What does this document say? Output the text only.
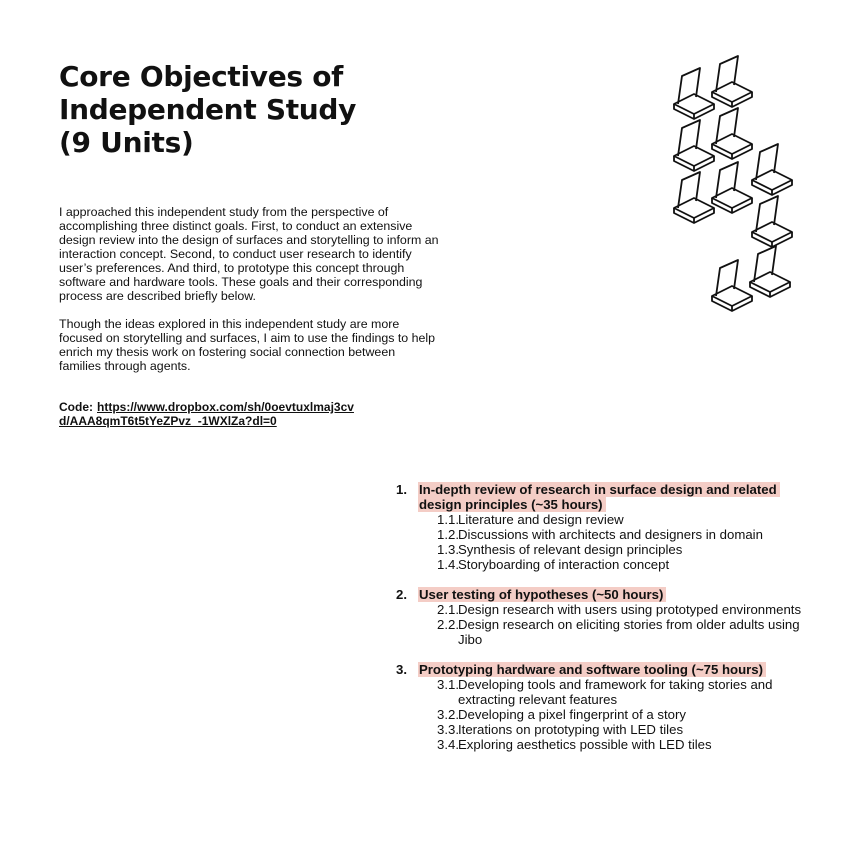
Core Objectives of
Independent Study
(9 Units)

I approached this independent study from the perspective of accomplishing three distinct goals. First, to conduct an extensive design review into the design of surfaces and storytelling to inform an interaction concept. Second, to conduct user research to identify user’s preferences. And third, to prototype this concept through software and hardware tools. These goals and their corresponding process are described briefly below.

Though the ideas explored in this independent study are more focused on storytelling and surfaces, I aim to use the findings to help enrich my thesis work on fostering social connection between families through agents.

Code: https://www.dropbox.com/sh/0oevtuxlmaj3cvd/AAA8qmT6t5tYeZPvz_-1WXlZa?dl=0
1. In-depth review of research in surface design and related design principles (~35 hours)
1.1. Literature and design review
1.2. Discussions with architects and designers in domain
1.3. Synthesis of relevant design principles
1.4. Storyboarding of interaction concept
2. User testing of hypotheses (~50 hours)
2.1. Design research with users using prototyped environments
2.2. Design research on eliciting stories from older adults using Jibo
3. Prototyping hardware and software tooling (~75 hours)
3.1. Developing tools and framework for taking stories and extracting relevant features
3.2. Developing a pixel fingerprint of a story
3.3. Iterations on prototyping with LED tiles
3.4. Exploring aesthetics possible with LED tiles
